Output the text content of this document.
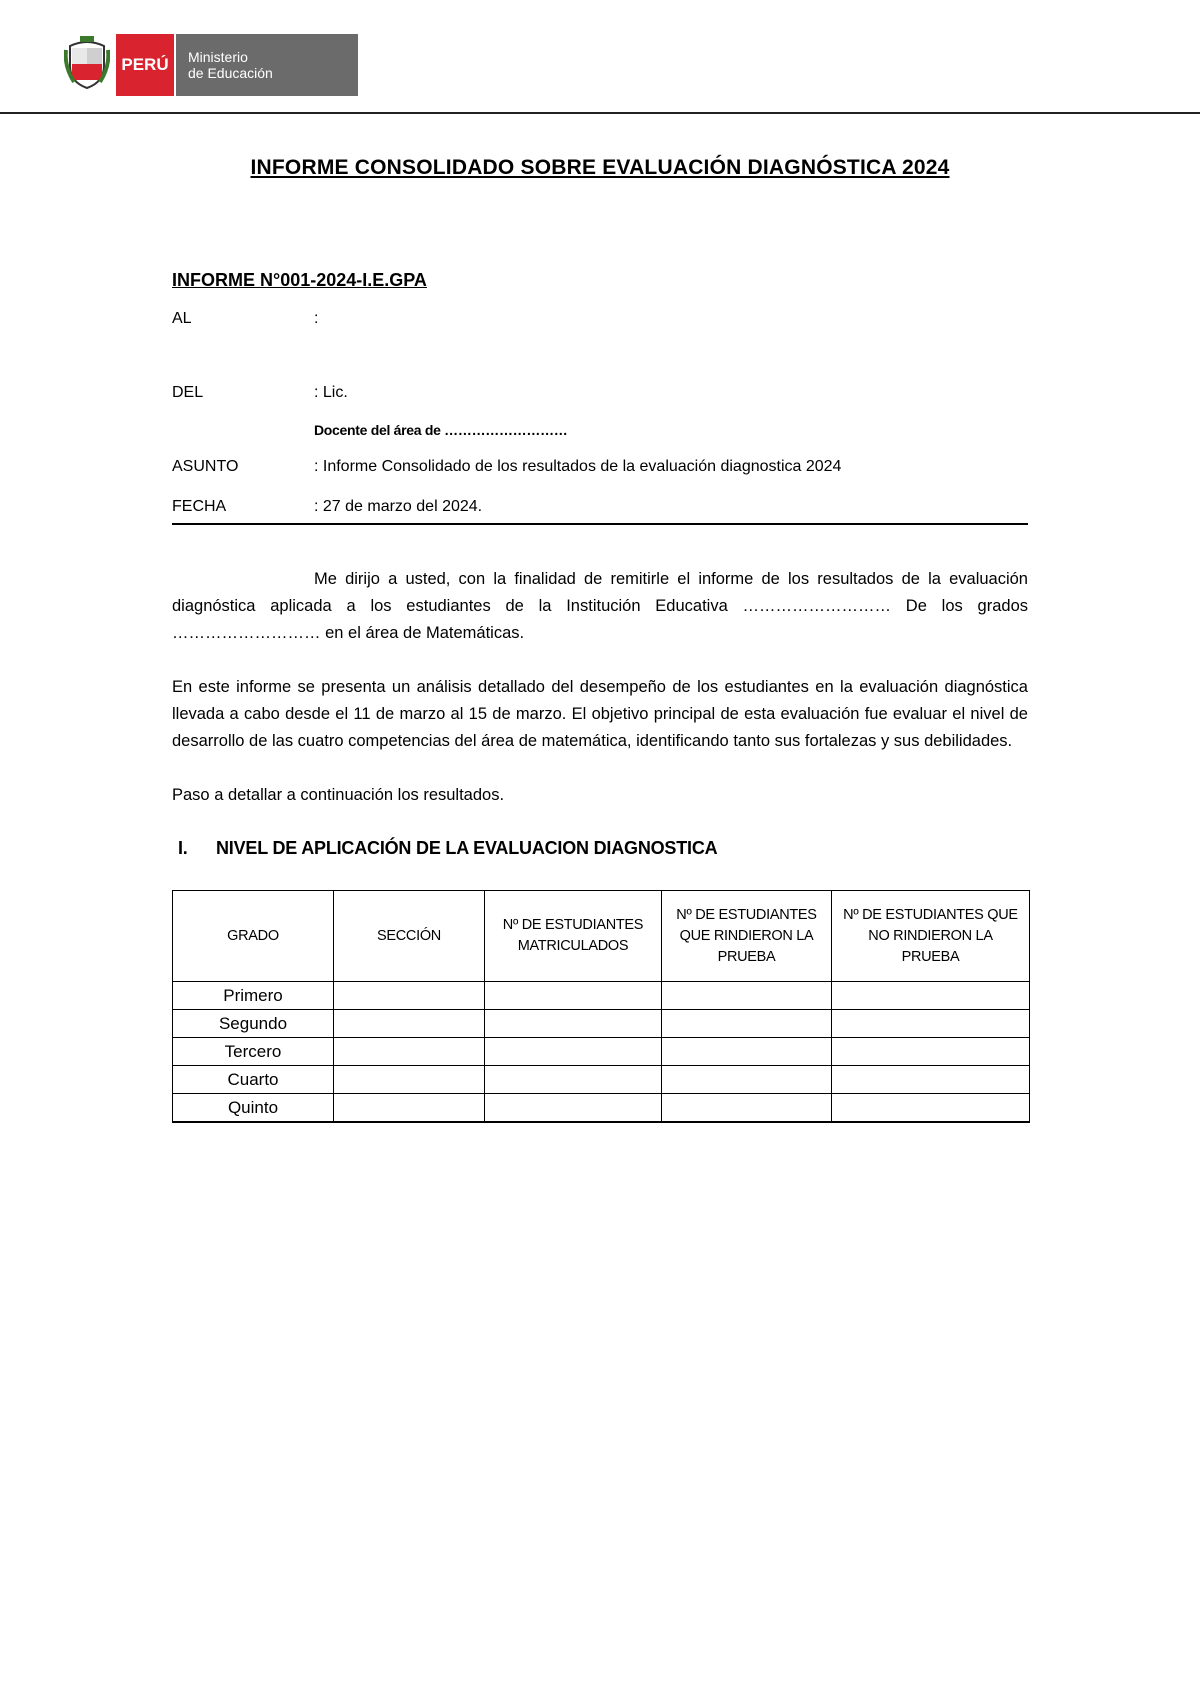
PERÚ	Ministerio
de Educación
INFORME CONSOLIDADO SOBRE EVALUACIÓN DIAGNÓSTICA 2024
INFORME N°001-2024-I.E.GPA
AL	:
DEL	: Lic.
Docente del área de ………………………
ASUNTO	: Informe Consolidado de los resultados de la evaluación diagnostica 2024
FECHA	: 27 de marzo del 2024.

Me dirijo a usted, con la finalidad de remitirle el informe de los resultados de la evaluación diagnóstica aplicada a los estudiantes de la Institución Educativa ……………………… De los grados ……………………… en el área de Matemáticas.

En este informe se presenta un análisis detallado del desempeño de los estudiantes en la evaluación diagnóstica llevada a cabo desde el 11 de marzo al 15 de marzo. El objetivo principal de esta evaluación fue evaluar el nivel de desarrollo de las cuatro competencias del área de matemática, identificando tanto sus fortalezas y sus debilidades.

Paso a detallar a continuación los resultados.

I. NIVEL DE APLICACIÓN DE LA EVALUACION DIAGNOSTICA
GRADO	SECCIÓN	Nº DE ESTUDIANTES MATRICULADOS	Nº DE ESTUDIANTES QUE RINDIERON LA PRUEBA	Nº DE ESTUDIANTES QUE NO RINDIERON LA PRUEBA
Primero				
Segundo				
Tercero				
Cuarto				
Quinto				
